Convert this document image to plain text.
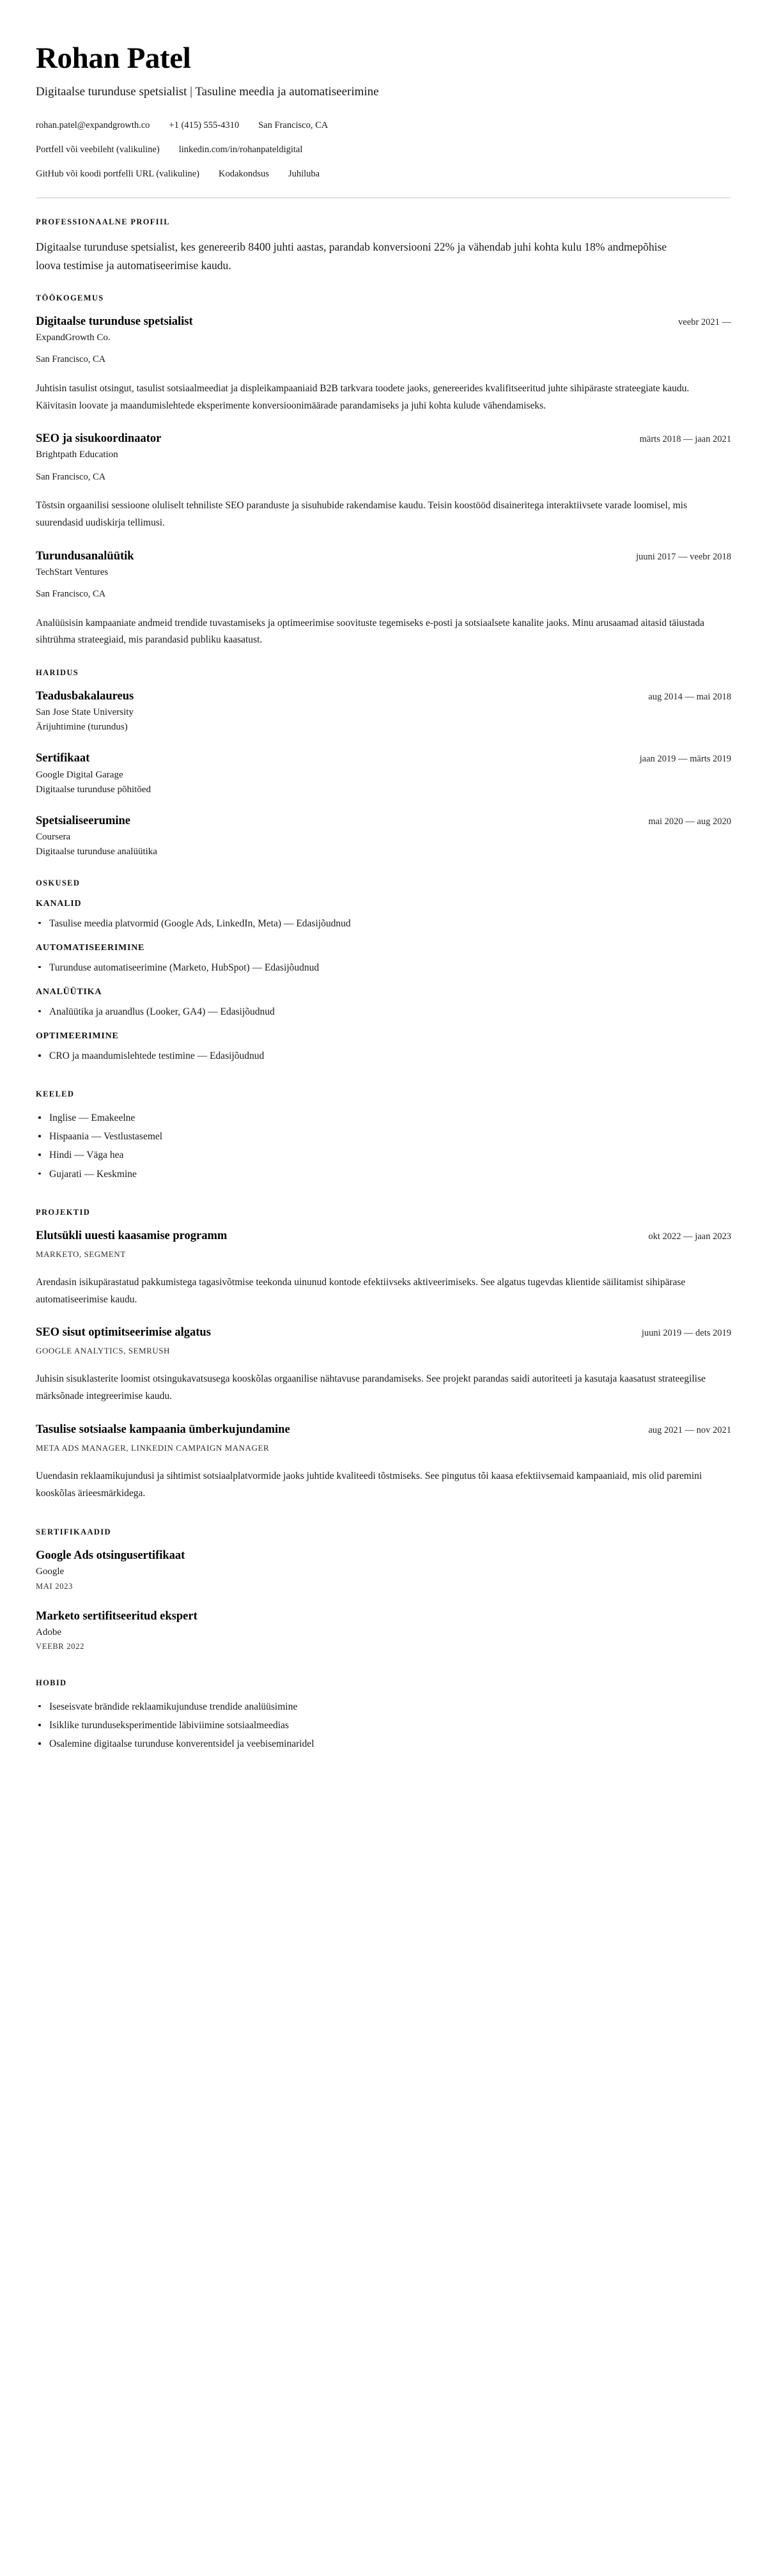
Rohan Patel
Digitaalse turunduse spetsialist | Tasuline meedia ja automatiseerimine
rohan.patel@expandgrowth.co +1 (415) 555-4310 San Francisco, CA
Portfell või veebileht (valikuline) linkedin.com/in/rohanpateldigital
GitHub või koodi portfelli URL (valikuline) Kodakondsus Juhiluba
PROFESSIONAALNE PROFIIL

Digitaalse turunduse spetsialist, kes genereerib 8400 juhti aastas, parandab konversiooni 22% ja vähendab juhi kohta kulu 18% andmepõhise loova testimise ja automatiseerimise kaudu.

TÖÖKOGEMUS
Digitaalse turunduse spetsialist	veebr 2021 —
ExpandGrowth Co.
San Francisco, CA

Juhtisin tasulist otsingut, tasulist sotsiaalmeediat ja displeikampaaniaid B2B tarkvara toodete jaoks, genereerides kvalifitseeritud juhte sihipäraste strateegiate kaudu. Käivitasin loovate ja maandumislehtede eksperimente konversioonimäärade parandamiseks ja juhi kohta kulude vähendamiseks.

SEO ja sisukoordinaator	märts 2018 — jaan 2021
Brightpath Education
San Francisco, CA

Tõstsin orgaanilisi sessioone oluliselt tehniliste SEO paranduste ja sisuhubide rakendamise kaudu. Teisin koostööd disaineritega interaktiivsete varade loomisel, mis suurendasid uudiskirja tellimusi.

Turundusanalüütik	juuni 2017 — veebr 2018
TechStart Ventures
San Francisco, CA

Analüüsisin kampaaniate andmeid trendide tuvastamiseks ja optimeerimise soovituste tegemiseks e-posti ja sotsiaalsete kanalite jaoks. Minu arusaamad aitasid täiustada sihtrühma strateegiaid, mis parandasid publiku kaasatust.

HARIDUS
Teadusbakalaureus	aug 2014 — mai 2018
San Jose State University
Ärijuhtimine (turundus)
Sertifikaat	jaan 2019 — märts 2019
Google Digital Garage
Digitaalse turunduse põhitõed
Spetsialiseerumine	mai 2020 — aug 2020
Coursera
Digitaalse turunduse analüütika
OSKUSED
KANALID
Tasulise meedia platvormid (Google Ads, LinkedIn, Meta) — Edasijõudnud
AUTOMATISEERIMINE
Turunduse automatiseerimine (Marketo, HubSpot) — Edasijõudnud
ANALÜÜTIKA
Analüütika ja aruandlus (Looker, GA4) — Edasijõudnud
OPTIMEERIMINE
CRO ja maandumislehtede testimine — Edasijõudnud
KEELED
Inglise — Emakeelne
Hispaania — Vestlustasemel
Hindi — Väga hea
Gujarati — Keskmine
PROJEKTID
Elutsükli uuesti kaasamise programm	okt 2022 — jaan 2023
MARKETO, SEGMENT

Arendasin isikupärastatud pakkumistega tagasivõtmise teekonda uinunud kontode efektiivseks aktiveerimiseks. See algatus tugevdas klientide säilitamist sihipärase automatiseerimise kaudu.

SEO sisut optimitseerimise algatus	juuni 2019 — dets 2019
GOOGLE ANALYTICS, SEMRUSH

Juhisin sisuklasterite loomist otsingukavatsusega kooskõlas orgaanilise nähtavuse parandamiseks. See projekt parandas saidi autoriteeti ja kasutaja kaasatust strateegilise märksõnade integreerimise kaudu.

Tasulise sotsiaalse kampaania ümberkujundamine	aug 2021 — nov 2021
META ADS MANAGER, LINKEDIN CAMPAIGN MANAGER

Uuendasin reklaamikujundusi ja sihtimist sotsiaalplatvormide jaoks juhtide kvaliteedi tõstmiseks. See pingutus tõi kaasa efektiivsemaid kampaaniaid, mis olid paremini kooskõlas ärieesmärkidega.

SERTIFIKAADID
Google Ads otsingusertifikaat
Google
MAI 2023
Marketo sertifitseeritud ekspert
Adobe
VEEBR 2022
HOBID
Iseseisvate brändide reklaamikujunduse trendide analüüsimine
Isiklike turunduseksperimentide läbiviimine sotsiaalmeedias
Osalemine digitaalse turunduse konverentsidel ja veebiseminaridel
